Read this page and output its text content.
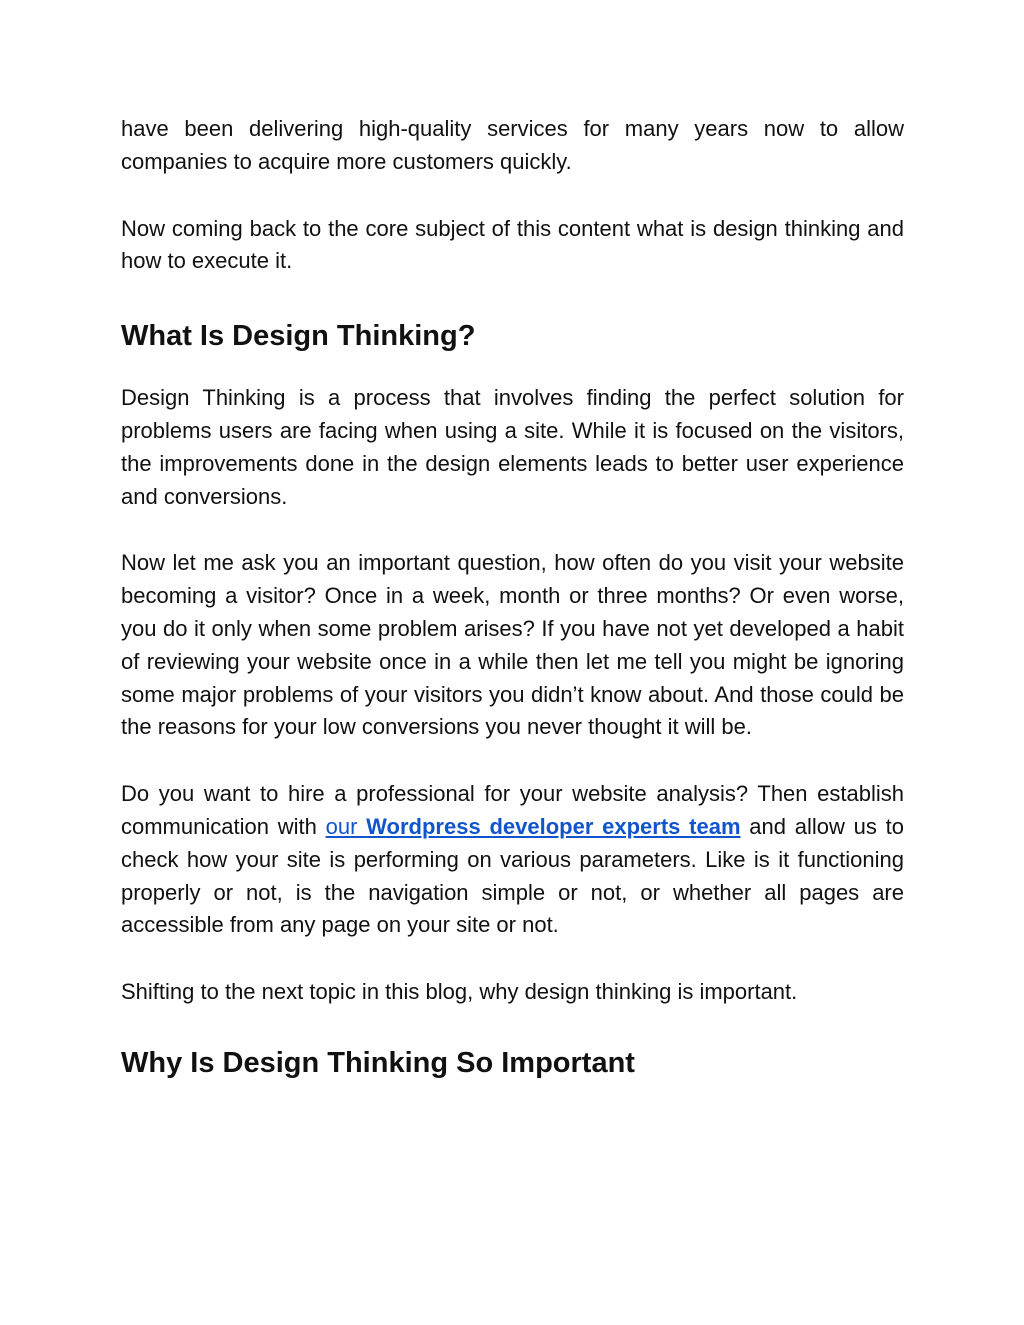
have been delivering high-quality services for many years now to allow companies to acquire more customers quickly.

Now coming back to the core subject of this content what is design thinking and how to execute it.

What Is Design Thinking?

Design Thinking is a process that involves finding the perfect solution for problems users are facing when using a site. While it is focused on the visitors, the improvements done in the design elements leads to better user experience and conversions.

Now let me ask you an important question, how often do you visit your website becoming a visitor? Once in a week, month or three months? Or even worse, you do it only when some problem arises? If you have not yet developed a habit of reviewing your website once in a while then let me tell you might be ignoring some major problems of your visitors you didn’t know about. And those could be the reasons for your low conversions you never thought it will be.

Do you want to hire a professional for your website analysis? Then establish communication with our Wordpress developer experts team and allow us to check how your site is performing on various parameters. Like is it functioning properly or not, is the navigation simple or not, or whether all pages are accessible from any page on your site or not.

Shifting to the next topic in this blog, why design thinking is important.

Why Is Design Thinking So Important
